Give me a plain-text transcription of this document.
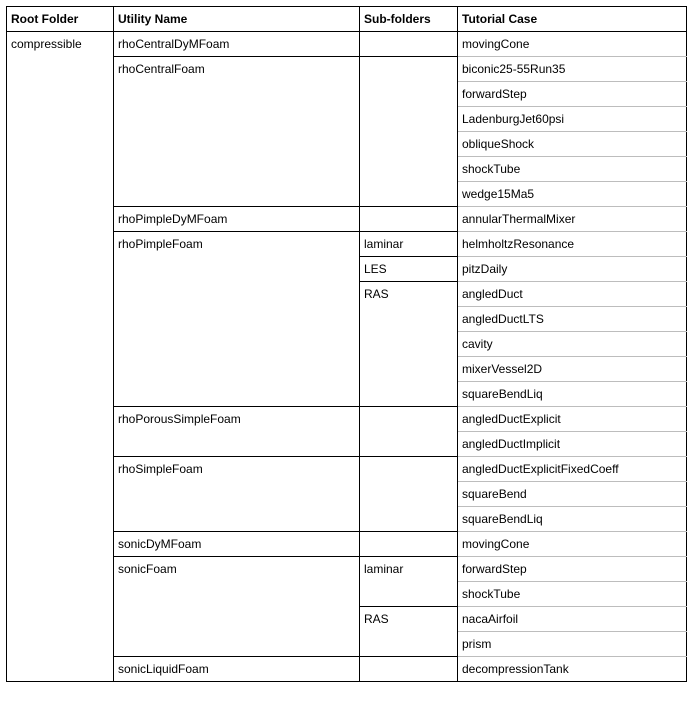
Root Folder	Utility Name	Sub-folders	Tutorial Case
compressible	rhoCentralDyMFoam		movingCone
	rhoCentralFoam		biconic25-55Run35
			forwardStep
			LadenburgJet60psi
			obliqueShock
			shockTube
			wedge15Ma5
	rhoPimpleDyMFoam		annularThermalMixer
	rhoPimpleFoam	laminar	helmholtzResonance
		LES	pitzDaily
		RAS	angledDuct
			angledDuctLTS
			cavity
			mixerVessel2D
			squareBendLiq
	rhoPorousSimpleFoam		angledDuctExplicit
			angledDuctImplicit
	rhoSimpleFoam		angledDuctExplicitFixedCoeff
			squareBend
			squareBendLiq
	sonicDyMFoam		movingCone
	sonicFoam	laminar	forwardStep
			shockTube
		RAS	nacaAirfoil
			prism
	sonicLiquidFoam		decompressionTank
